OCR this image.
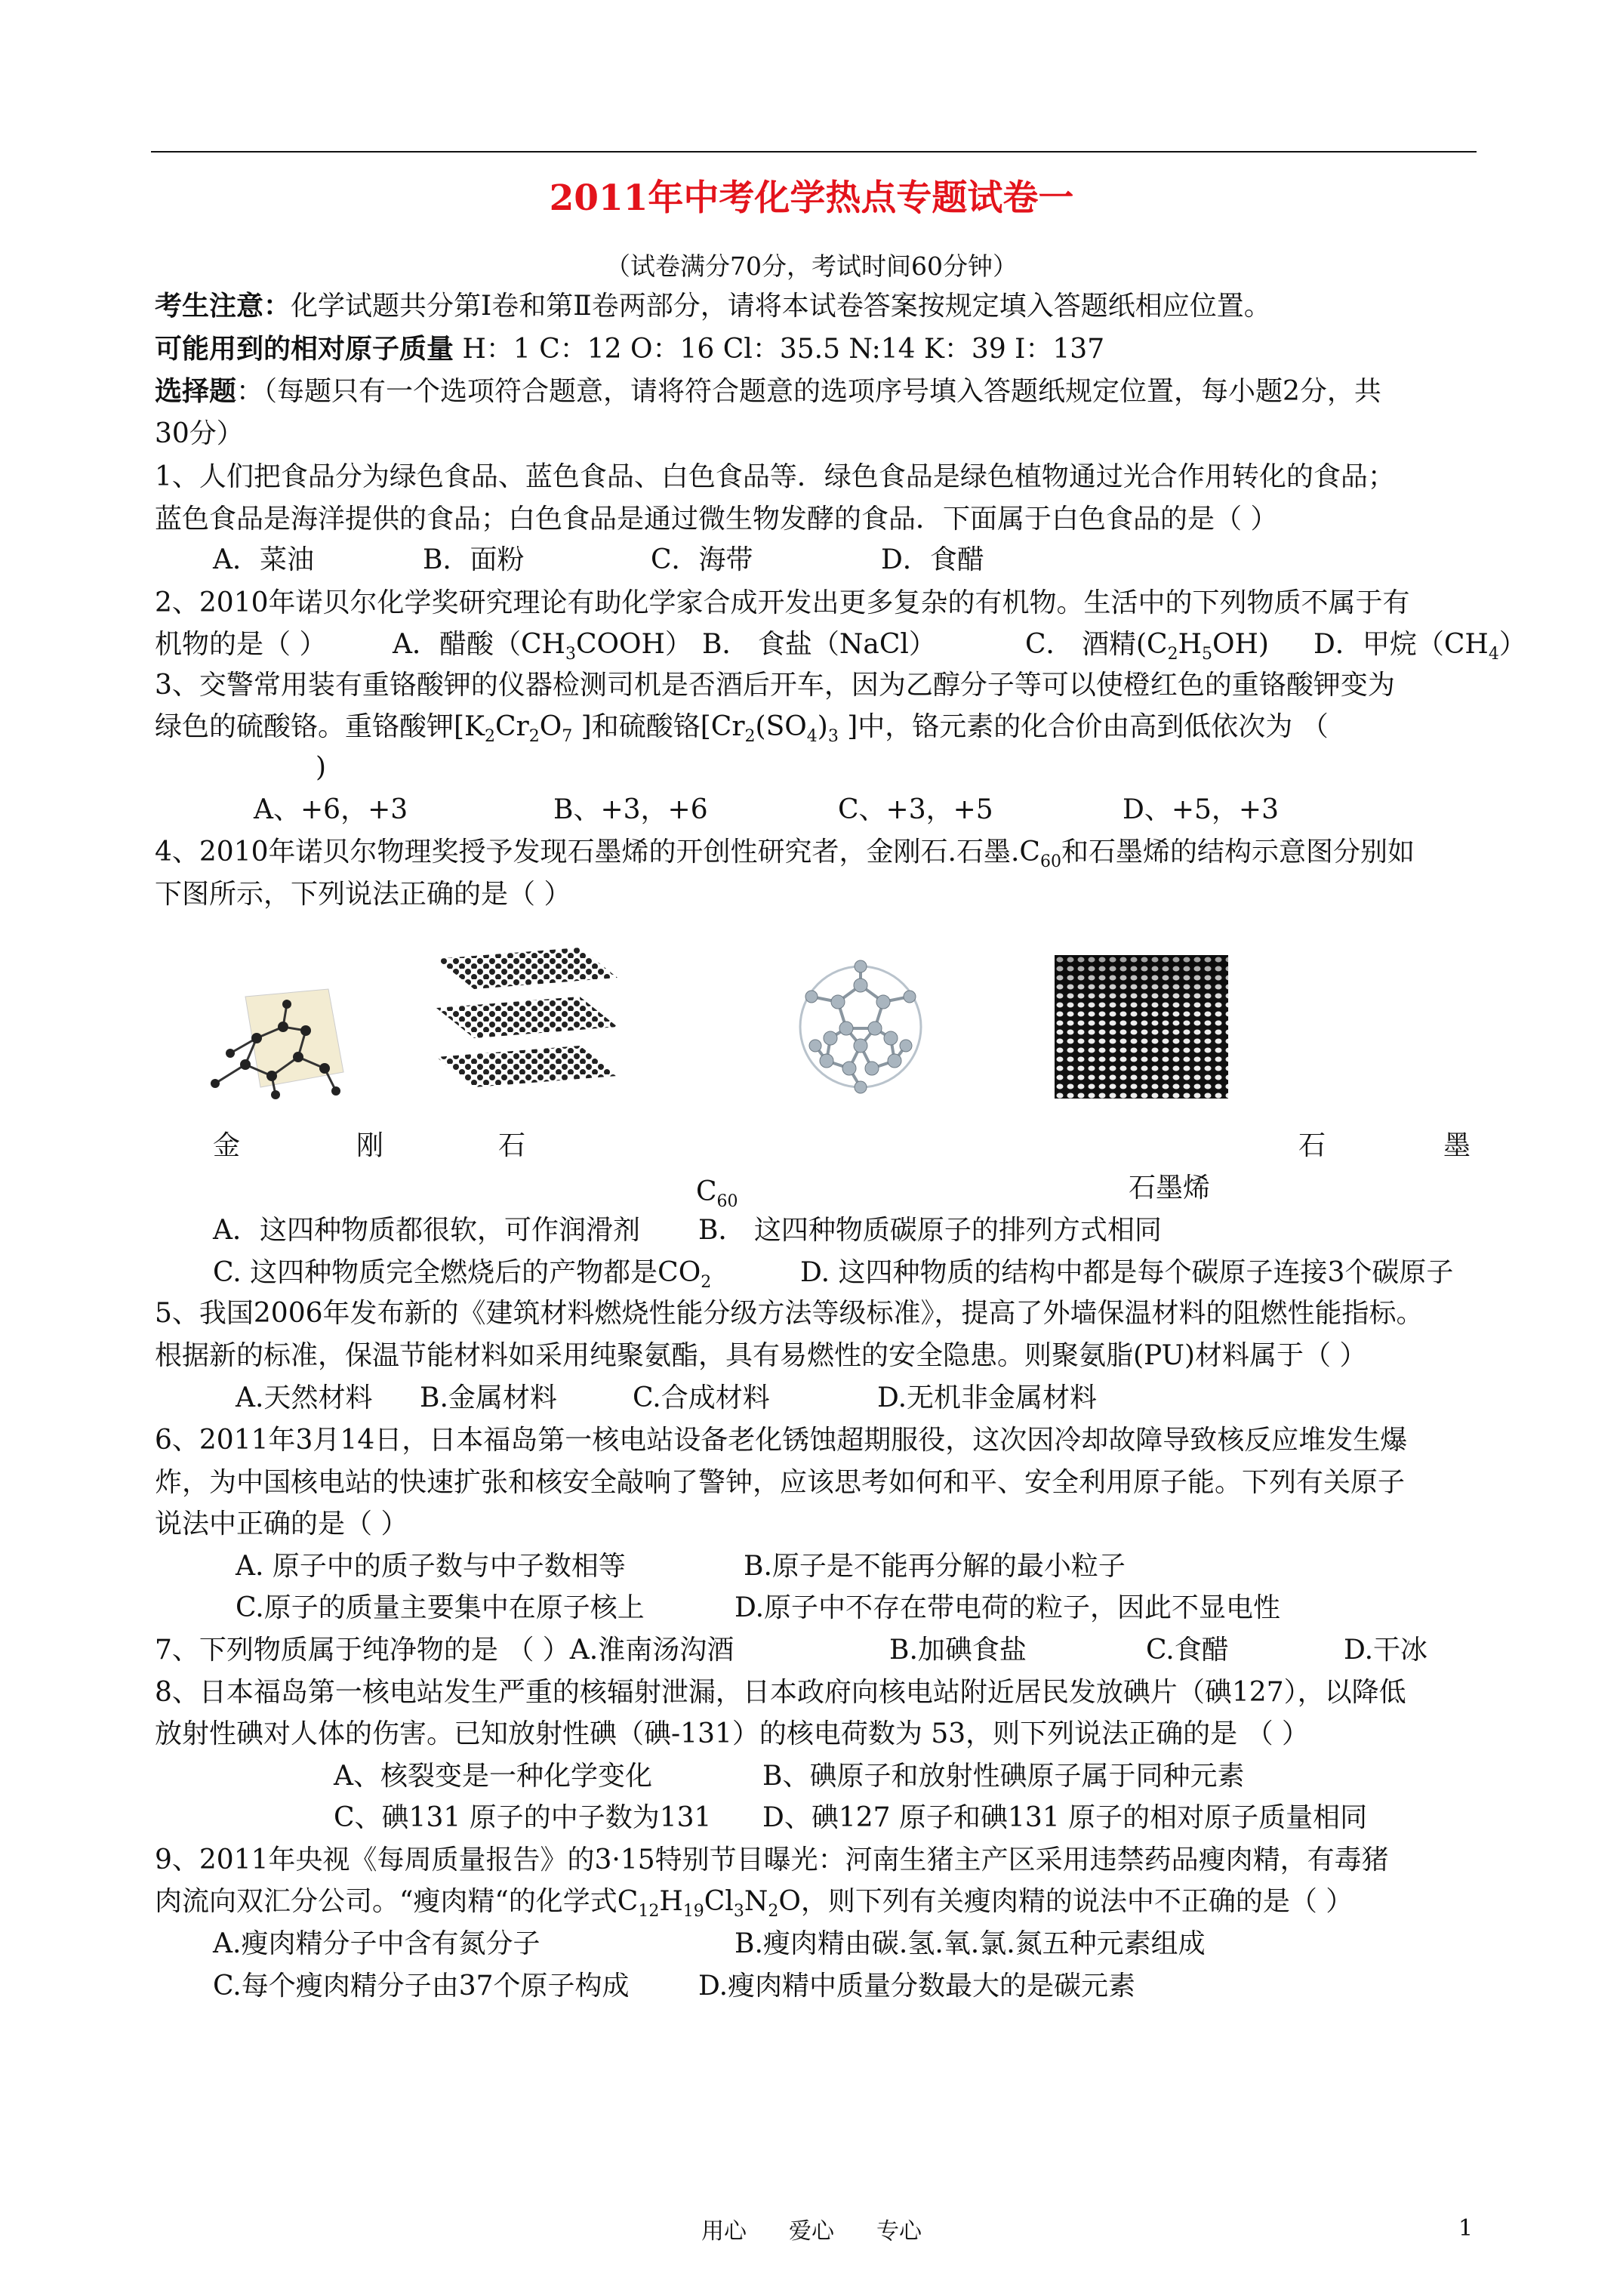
2011年中考化学热点专题试卷一
（试卷满分70分，考试时间60分钟）
考生注意：化学试题共分第Ⅰ卷和第Ⅱ卷两部分，请将本试卷答案按规定填入答题纸相应位置。
可能用到的相对原子质量 H：1 C：12 O：16 Cl：35.5 N:14 K：39 I：137
选择题：（每题只有一个选项符合题意，请将符合题意的选项序号填入答题纸规定位置，每小题2分，共
30分）
1、人们把食品分为绿色食品、蓝色食品、白色食品等．绿色食品是绿色植物通过光合作用转化的食品；
蓝色食品是海洋提供的食品；白色食品是通过微生物发酵的食品．下面属于白色食品的是（ ）
A．菜油	B．面粉	C．海带	D．食醋
2、2010年诺贝尔化学奖研究理论有助化学家合成开发出更多复杂的有机物。生活中的下列物质不属于有
机物的是（ ） A．醋酸$(CH_3COOH)$ B． 食盐（NaCl）	C． 酒精$(C_2H_5OH)$ D．甲烷$(CH_4)$
3、交警常用装有重铬酸钾的仪器检测司机是否酒后开车，因为乙醇分子等可以使橙红色的重铬酸钾变为
绿色的硫酸铬。重铬酸钾[$K_2Cr_2O_7$ ]和硫酸铬[$Cr_2(SO_4)_3$ ]中，铬元素的化合价由高到低依次为 （
)
A、+6，+3	B、+3，+6	C、+3，+5	D、+5，+3
4、2010年诺贝尔物理奖授予发现石墨烯的开创性研究者，金刚石.石墨$.C_{60}$和石墨烯的结构示意图分别如
下图所示，下列说法正确的是（ ）
金	刚	石	石	墨
$C_{60}$	石墨烯
A．这四种物质都很软，可作润滑剂 B． 这四种物质碳原子的排列方式相同
C. 这四种物质完全燃烧后的产物都是$CO_2$	D. 这四种物质的结构中都是每个碳原子连接3个碳原子
5、我国2006年发布新的《建筑材料燃烧性能分级方法等级标准》，提高了外墙保温材料的阻燃性能指标。
根据新的标准，保温节能材料如采用纯聚氨酯，具有易燃性的安全隐患。则聚氨脂(PU)材料属于（ ）
A.天然材料 B.金属材料	C.合成材料	D.无机非金属材料
6、2011年3月14日，日本福岛第一核电站设备老化锈蚀超期服役，这次因冷却故障导致核反应堆发生爆
炸，为中国核电站的快速扩张和核安全敲响了警钟，应该思考如何和平、安全利用原子能。下列有关原子
说法中正确的是（ ）
A. 原子中的质子数与中子数相等	B.原子是不能再分解的最小粒子
C.原子的质量主要集中在原子核上	D.原子中不存在带电荷的粒子，因此不显电性
7、下列物质属于纯净物的是 （ ）A.淮南汤沟酒	B.加碘食盐	C.食醋	D.干冰
8、日本福岛第一核电站发生严重的核辐射泄漏，日本政府向核电站附近居民发放碘片（碘127），以降低
放射性碘对人体的伤害。已知放射性碘（碘-131）的核电荷数为 53，则下列说法正确的是 （ ）
A、核裂变是一种化学变化	B、碘原子和放射性碘原子属于同种元素
C、碘131 原子的中子数为131 D、碘127 原子和碘131 原子的相对原子质量相同
9、2011年央视《每周质量报告》的3·15特别节目曝光：河南生猪主产区采用违禁药品瘦肉精，有毒猪
肉流向双汇分公司。“瘦肉精“的化学式$C_{12}H_{19}Cl_3N_2O$，则下列有关瘦肉精的说法中不正确的是（ ）
A.瘦肉精分子中含有氮分子	B.瘦肉精由碳.氢.氧.氯.氮五种元素组成
C.每个瘦肉精分子由37个原子构成	D.瘦肉精中质量分数最大的是碳元素
用心 爱心 专心	1
